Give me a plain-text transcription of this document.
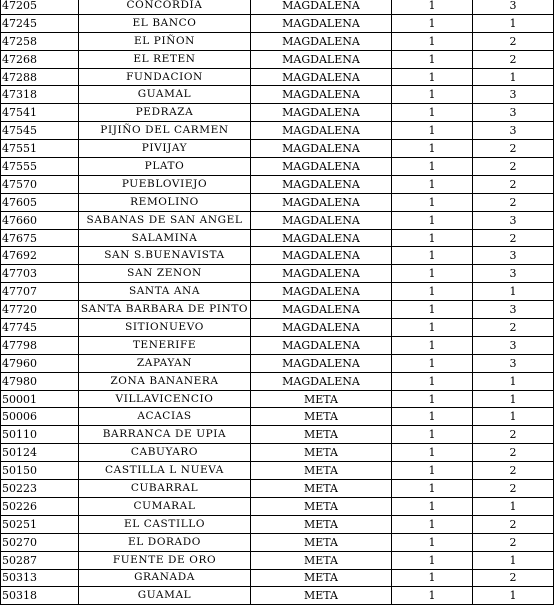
47205	CONCORDIA	MAGDALENA	1	3
47245	EL BANCO	MAGDALENA	1	1
47258	EL PIÑON	MAGDALENA	1	2
47268	EL RETEN	MAGDALENA	1	2
47288	FUNDACION	MAGDALENA	1	1
47318	GUAMAL	MAGDALENA	1	3
47541	PEDRAZA	MAGDALENA	1	3
47545	PIJIÑO DEL CARMEN	MAGDALENA	1	3
47551	PIVIJAY	MAGDALENA	1	2
47555	PLATO	MAGDALENA	1	2
47570	PUEBLOVIEJO	MAGDALENA	1	2
47605	REMOLINO	MAGDALENA	1	2
47660	SABANAS DE SAN ANGEL	MAGDALENA	1	3
47675	SALAMINA	MAGDALENA	1	2
47692	SAN S.BUENAVISTA	MAGDALENA	1	3
47703	SAN ZENON	MAGDALENA	1	3
47707	SANTA ANA	MAGDALENA	1	1
47720	SANTA BARBARA DE PINTO	MAGDALENA	1	3
47745	SITIONUEVO	MAGDALENA	1	2
47798	TENERIFE	MAGDALENA	1	3
47960	ZAPAYAN	MAGDALENA	1	3
47980	ZONA BANANERA	MAGDALENA	1	1
50001	VILLAVICENCIO	META	1	1
50006	ACACIAS	META	1	1
50110	BARRANCA DE UPIA	META	1	2
50124	CABUYARO	META	1	2
50150	CASTILLA L NUEVA	META	1	2
50223	CUBARRAL	META	1	2
50226	CUMARAL	META	1	1
50251	EL CASTILLO	META	1	2
50270	EL DORADO	META	1	2
50287	FUENTE DE ORO	META	1	1
50313	GRANADA	META	1	2
50318	GUAMAL	META	1	1
